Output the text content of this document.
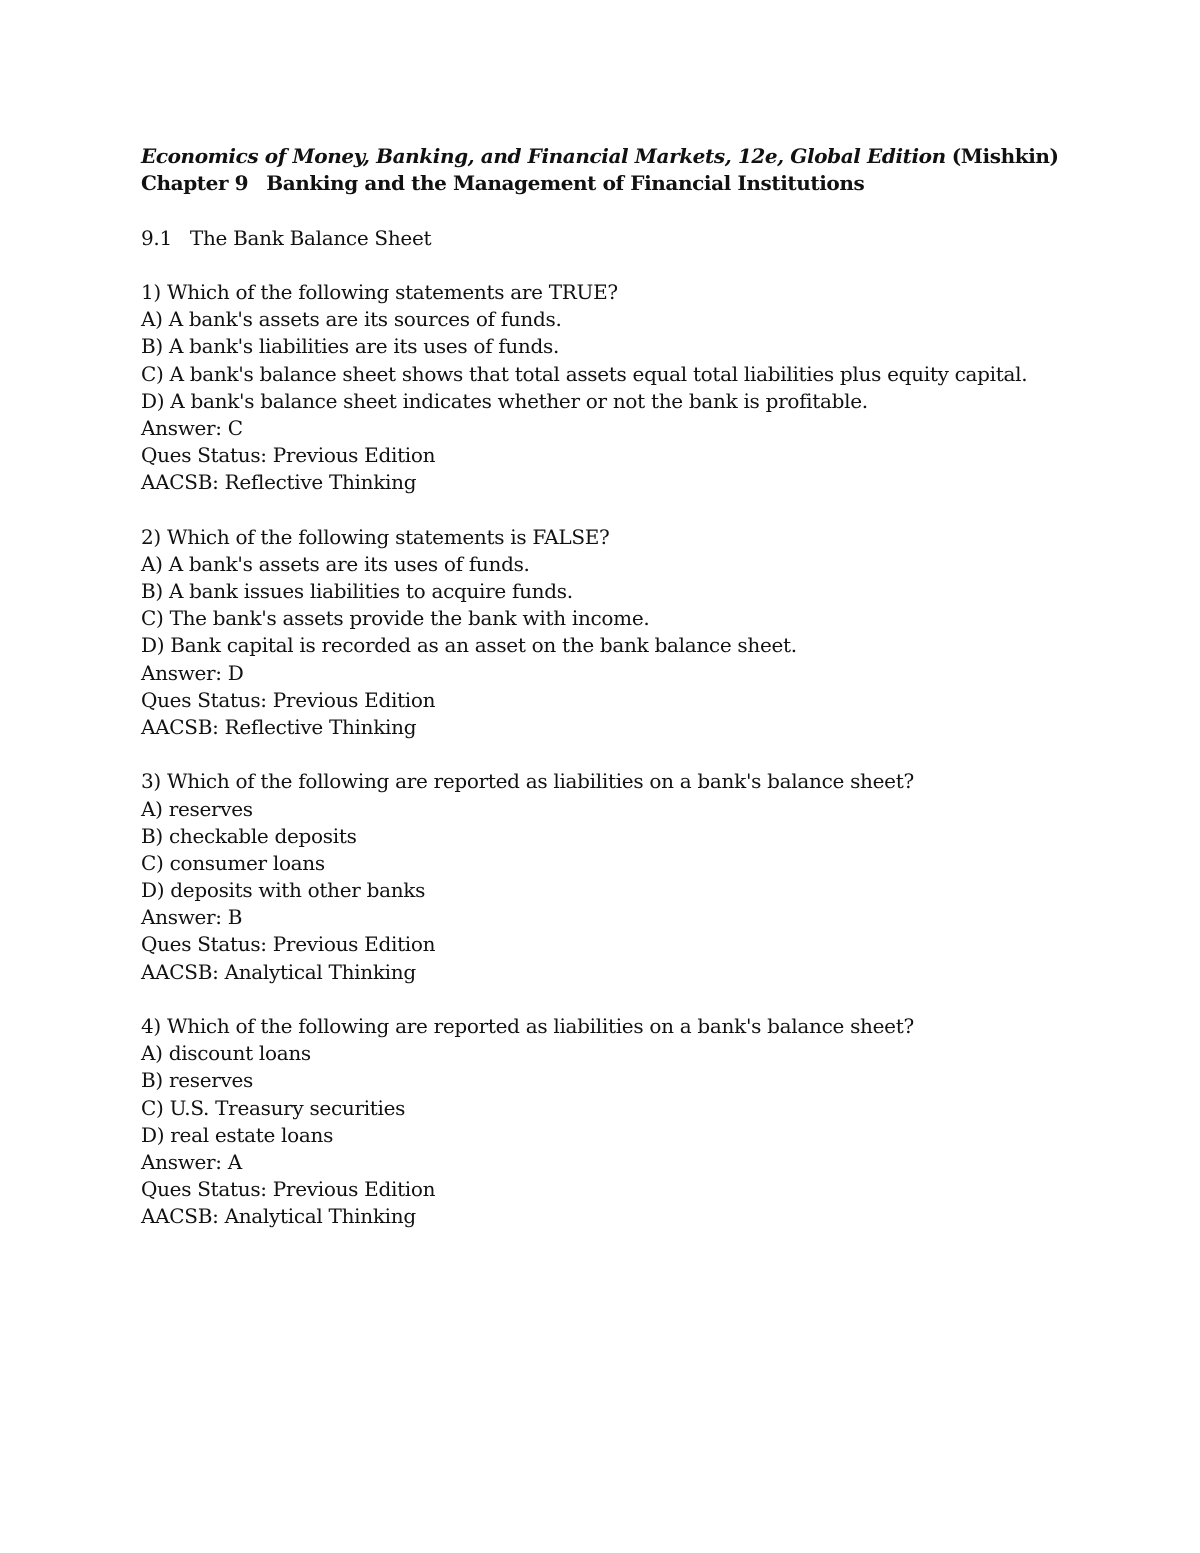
Economics of Money, Banking, and Financial Markets, 12e, Global Edition (Mishkin)
Chapter 9 Banking and the Management of Financial Institutions
9.1 The Bank Balance Sheet
1) Which of the following statements are TRUE?
A) A bank's assets are its sources of funds.
B) A bank's liabilities are its uses of funds.
C) A bank's balance sheet shows that total assets equal total liabilities plus equity capital.
D) A bank's balance sheet indicates whether or not the bank is profitable.
Answer: C
Ques Status: Previous Edition
AACSB: Reflective Thinking
2) Which of the following statements is FALSE?
A) A bank's assets are its uses of funds.
B) A bank issues liabilities to acquire funds.
C) The bank's assets provide the bank with income.
D) Bank capital is recorded as an asset on the bank balance sheet.
Answer: D
Ques Status: Previous Edition
AACSB: Reflective Thinking
3) Which of the following are reported as liabilities on a bank's balance sheet?
A) reserves
B) checkable deposits
C) consumer loans
D) deposits with other banks
Answer: B
Ques Status: Previous Edition
AACSB: Analytical Thinking
4) Which of the following are reported as liabilities on a bank's balance sheet?
A) discount loans
B) reserves
C) U.S. Treasury securities
D) real estate loans
Answer: A
Ques Status: Previous Edition
AACSB: Analytical Thinking
